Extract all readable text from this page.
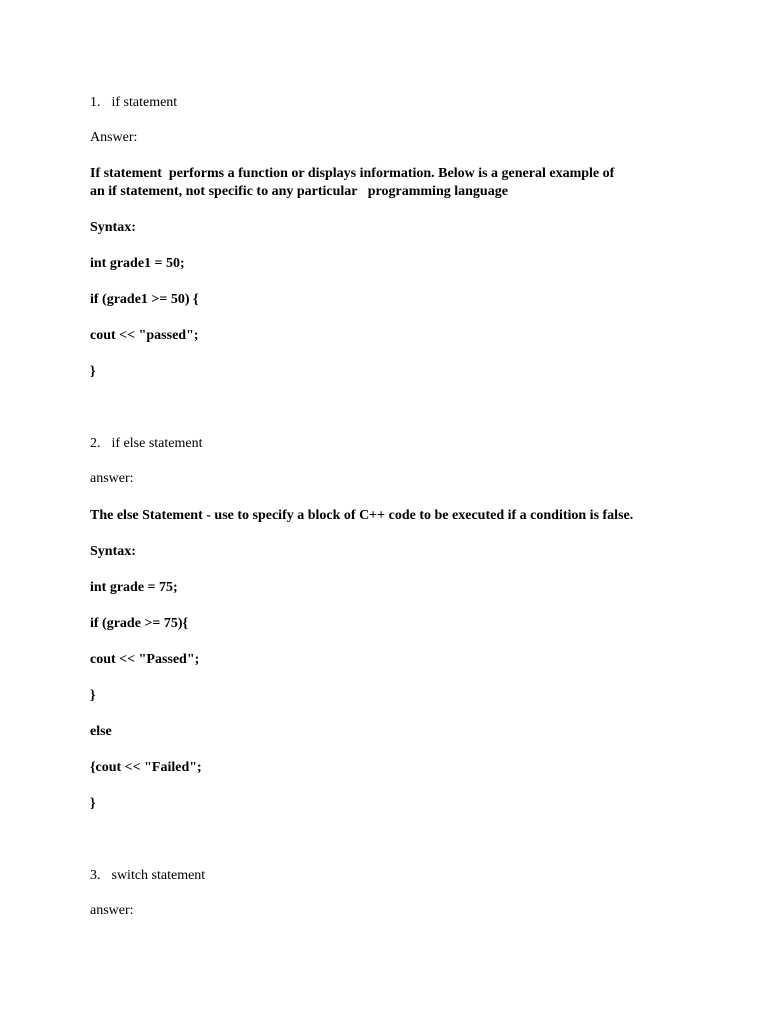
1. if statement

Answer:

If statement  performs a function or displays information. Below is a general example of

an if statement, not specific to any particular   programming language

Syntax:

int grade1 = 50;

if (grade1 >= 50) {

cout << "passed";

}

2. if else statement

answer:

The else Statement - use to specify a block of C++ code to be executed if a condition is false.

Syntax:

int grade = 75;

if (grade >= 75){

cout << "Passed";

}

else

{cout << "Failed";

}

3. switch statement

answer:
